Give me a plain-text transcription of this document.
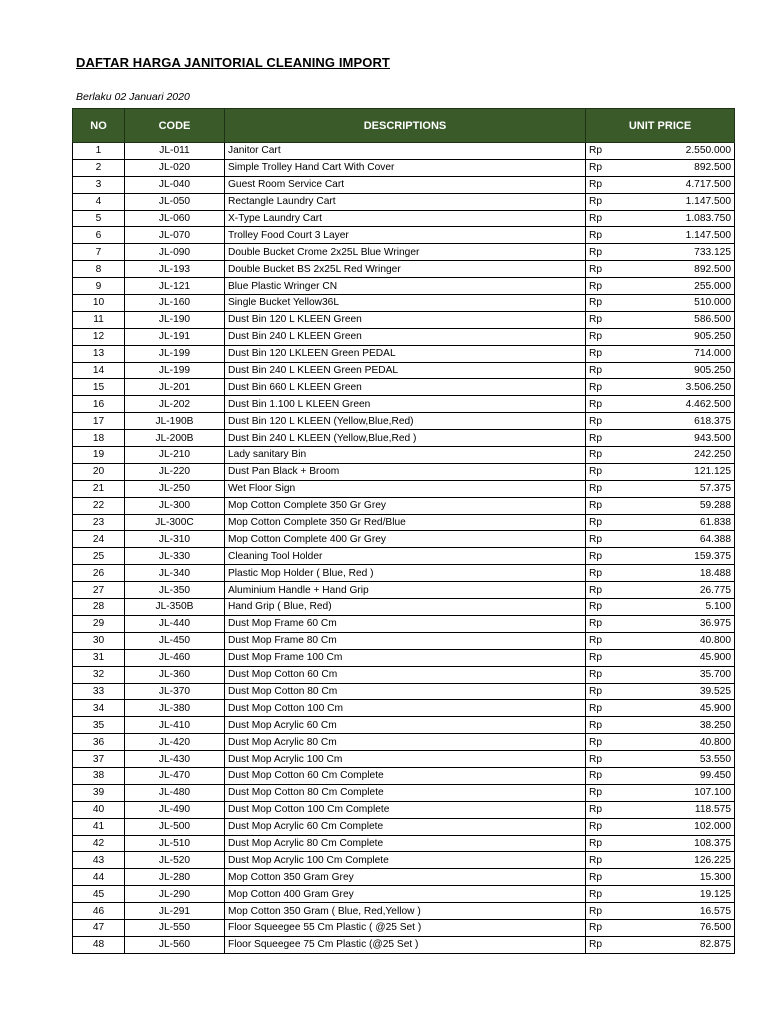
DAFTAR HARGA JANITORIAL CLEANING IMPORT
Berlaku 02 Januari 2020
NO	CODE	DESCRIPTIONS	UNIT PRICE
1	JL-011	Janitor Cart	Rp 2.550.000

2	JL-020	Simple Trolley Hand Cart With Cover	Rp 892.500

3	JL-040	Guest Room Service Cart	Rp 4.717.500

4	JL-050	Rectangle Laundry Cart	Rp 1.147.500

5	JL-060	X-Type Laundry Cart	Rp 1.083.750

6	JL-070	Trolley Food Court 3 Layer	Rp 1.147.500

7	JL-090	Double Bucket Crome 2x25L Blue Wringer	Rp 733.125

8	JL-193	Double Bucket BS 2x25L Red Wringer	Rp 892.500

9	JL-121	Blue Plastic Wringer CN	Rp 255.000

10	JL-160	Single Bucket Yellow36L	Rp 510.000

11	JL-190	Dust Bin 120 L KLEEN Green	Rp 586.500

12	JL-191	Dust Bin 240 L KLEEN Green	Rp 905.250

13	JL-199	Dust Bin 120 LKLEEN Green PEDAL	Rp 714.000

14	JL-199	Dust Bin 240 L KLEEN Green PEDAL	Rp 905.250

15	JL-201	Dust Bin 660 L KLEEN Green	Rp 3.506.250

16	JL-202	Dust Bin 1.100 L KLEEN Green	Rp 4.462.500

17	JL-190B	Dust Bin 120 L KLEEN (Yellow,Blue,Red)	Rp 618.375

18	JL-200B	Dust Bin 240 L KLEEN (Yellow,Blue,Red )	Rp 943.500

19	JL-210	Lady sanitary Bin	Rp 242.250

20	JL-220	Dust Pan Black + Broom	Rp 121.125

21	JL-250	Wet Floor Sign	Rp 57.375

22	JL-300	Mop Cotton Complete 350 Gr Grey	Rp 59.288

23	JL-300C	Mop Cotton Complete 350 Gr Red/Blue	Rp 61.838

24	JL-310	Mop Cotton Complete 400 Gr Grey	Rp 64.388

25	JL-330	Cleaning Tool Holder	Rp 159.375

26	JL-340	Plastic Mop Holder ( Blue, Red )	Rp 18.488

27	JL-350	Aluminium Handle + Hand Grip	Rp 26.775

28	JL-350B	Hand Grip ( Blue, Red)	Rp 5.100

29	JL-440	Dust Mop Frame 60 Cm	Rp 36.975

30	JL-450	Dust Mop Frame 80 Cm	Rp 40.800

31	JL-460	Dust Mop Frame 100 Cm	Rp 45.900

32	JL-360	Dust Mop Cotton 60 Cm	Rp 35.700

33	JL-370	Dust Mop Cotton 80 Cm	Rp 39.525

34	JL-380	Dust Mop Cotton 100 Cm	Rp 45.900

35	JL-410	Dust Mop Acrylic 60 Cm	Rp 38.250

36	JL-420	Dust Mop Acrylic 80 Cm	Rp 40.800

37	JL-430	Dust Mop Acrylic 100 Cm	Rp 53.550

38	JL-470	Dust Mop Cotton 60 Cm Complete	Rp 99.450

39	JL-480	Dust Mop Cotton 80 Cm Complete	Rp 107.100

40	JL-490	Dust Mop Cotton 100 Cm Complete	Rp 118.575

41	JL-500	Dust Mop Acrylic 60 Cm Complete	Rp 102.000

42	JL-510	Dust Mop Acrylic 80 Cm Complete	Rp 108.375

43	JL-520	Dust Mop Acrylic 100 Cm Complete	Rp 126.225

44	JL-280	Mop Cotton 350 Gram Grey	Rp 15.300

45	JL-290	Mop Cotton 400 Gram Grey	Rp 19.125

46	JL-291	Mop Cotton 350 Gram ( Blue, Red,Yellow )	Rp 16.575

47	JL-550	Floor Squeegee 55 Cm Plastic ( @25 Set )	Rp 76.500

48	JL-560	Floor Squeegee 75 Cm Plastic (@25 Set )	Rp 82.875
